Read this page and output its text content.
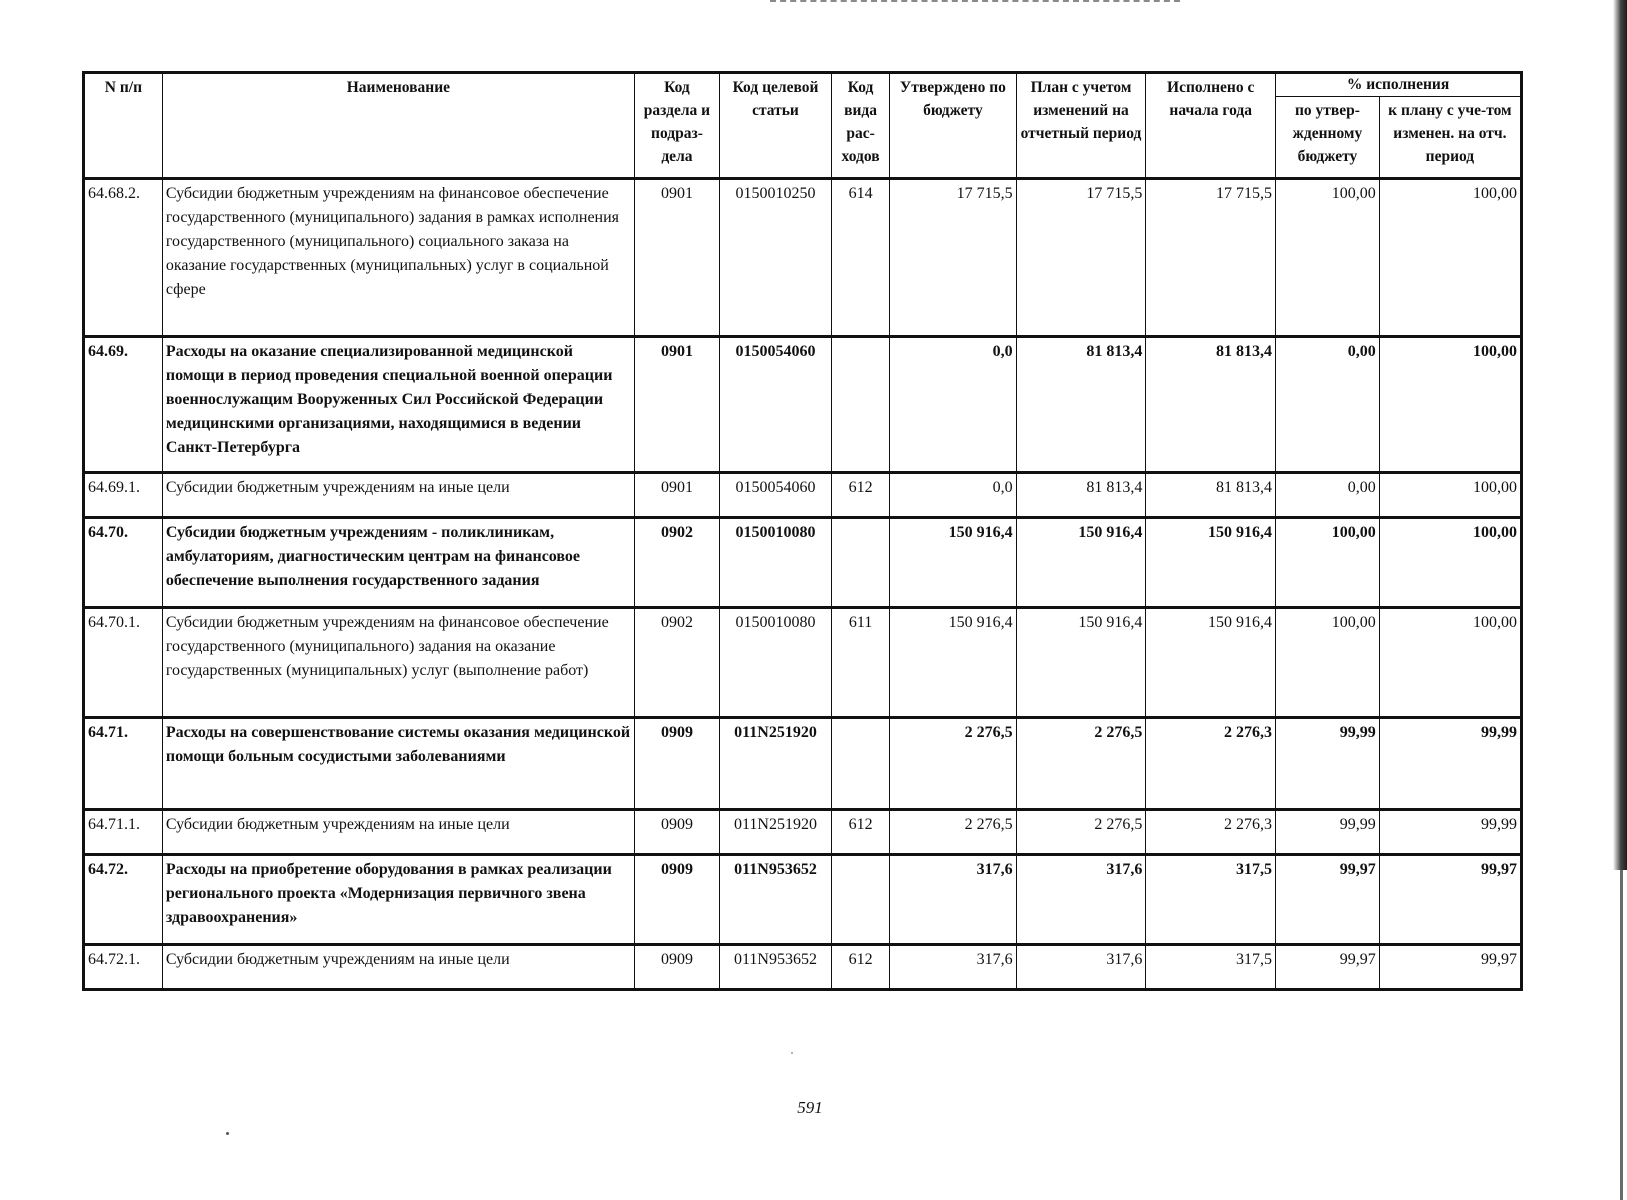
N п/п	Наименование	Код раздела и подраз-дела	Код целевой статьи	Код вида рас-ходов	Утверждено по бюджету	План с учетом изменений на отчетный период	Исполнено с начала года	% исполнения	
								по утвер-жденному бюджету	к плану с уче-том изменен. на отч. период
64.68.2.	Субсидии бюджетным учреждениям на финансовое обеспечение государственного (муниципального) задания в рамках исполнения государственного (муниципального) социального заказа на оказание государственных (муниципальных) услуг в социальной сфере	0901	0150010250	614	17 715,5	17 715,5	17 715,5	100,00	100,00
64.69.	Расходы на оказание специализированной медицинской помощи в период проведения специальной военной операции военнослужащим Вооруженных Сил Российской Федерации медицинскими организациями, находящимися в ведении Санкт-Петербурга	0901	0150054060		0,0	81 813,4	81 813,4	0,00	100,00
64.69.1.	Субсидии бюджетным учреждениям на иные цели	0901	0150054060	612	0,0	81 813,4	81 813,4	0,00	100,00
64.70.	Субсидии бюджетным учреждениям - поликлиникам, амбулаториям, диагностическим центрам на финансовое обеспечение выполнения государственного задания	0902	0150010080		150 916,4	150 916,4	150 916,4	100,00	100,00
64.70.1.	Субсидии бюджетным учреждениям на финансовое обеспечение государственного (муниципального) задания на оказание государственных (муниципальных) услуг (выполнение работ)	0902	0150010080	611	150 916,4	150 916,4	150 916,4	100,00	100,00
64.71.	Расходы на совершенствование системы оказания медицинской помощи больным сосудистыми заболеваниями	0909	011N251920		2 276,5	2 276,5	2 276,3	99,99	99,99
64.71.1.	Субсидии бюджетным учреждениям на иные цели	0909	011N251920	612	2 276,5	2 276,5	2 276,3	99,99	99,99
64.72.	Расходы на приобретение оборудования в рамках реализации регионального проекта «Модернизация первичного звена здравоохранения»	0909	011N953652		317,6	317,6	317,5	99,97	99,97
64.72.1.	Субсидии бюджетным учреждениям на иные цели	0909	011N953652	612	317,6	317,6	317,5	99,97	99,97
591
